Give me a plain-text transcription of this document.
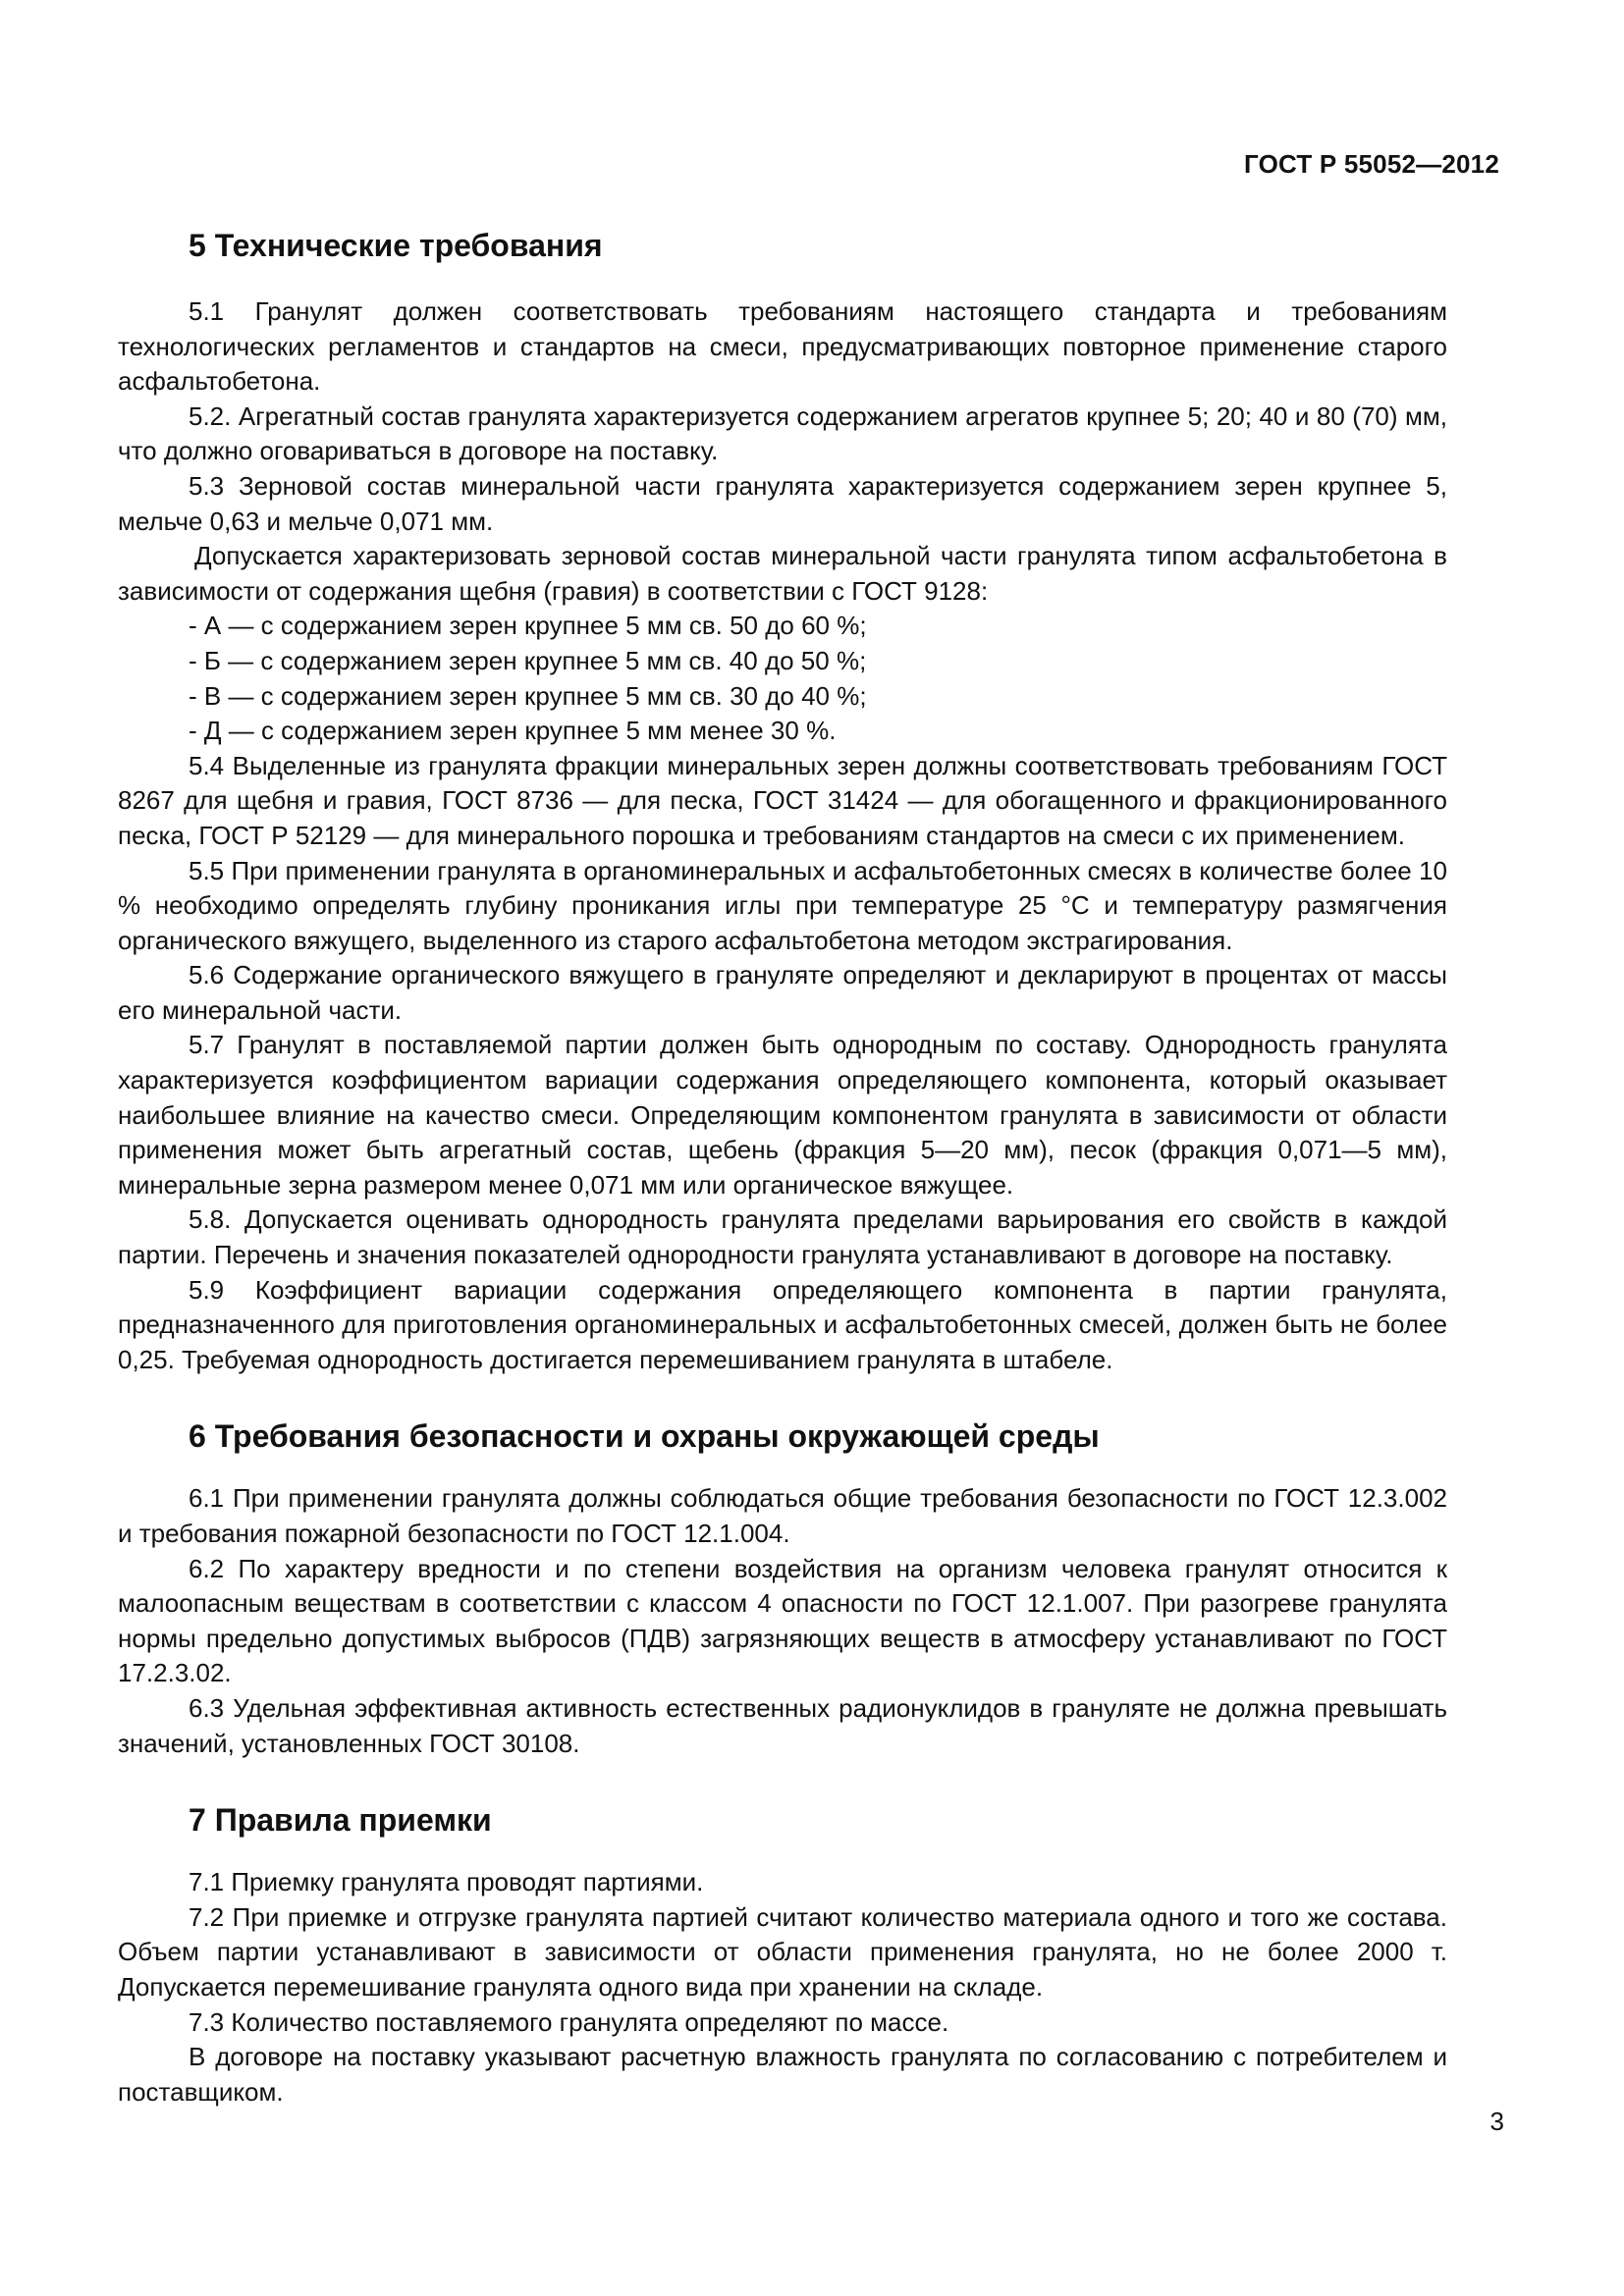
ГОСТ Р 55052—2012
5 Технические требования

5.1 Гранулят должен соответствовать требованиям настоящего стандарта и требованиям технологических регламентов и стандартов на смеси, предусматривающих повторное применение старого асфальтобетона.

5.2. Агрегатный состав гранулята характеризуется содержанием агрегатов крупнее 5; 20; 40 и 80 (70) мм, что должно оговариваться в договоре на поставку.

5.3 Зерновой состав минеральной части гранулята характеризуется содержанием зерен крупнее 5, мельче 0,63 и мельче 0,071 мм.

Допускается характеризовать зерновой состав минеральной части гранулята типом асфальтобетона в зависимости от содержания щебня (гравия) в соответствии с ГОСТ 9128:

- А — с содержанием зерен крупнее 5 мм св. 50 до 60 %;
- Б — с содержанием зерен крупнее 5 мм св. 40 до 50 %;
- В — с содержанием зерен крупнее 5 мм св. 30 до 40 %;
- Д — с содержанием зерен крупнее 5 мм менее 30 %.

5.4 Выделенные из гранулята фракции минеральных зерен должны соответствовать требованиям ГОСТ 8267 для щебня и гравия, ГОСТ 8736 — для песка, ГОСТ 31424 — для обогащенного и фракционированного песка, ГОСТ Р 52129 — для минерального порошка и требованиям стандартов на смеси с их применением.

5.5 При применении гранулята в органоминеральных и асфальтобетонных смесях в количестве более 10 % необходимо определять глубину проникания иглы при температуре 25 °С и температуру размягчения органического вяжущего, выделенного из старого асфальтобетона методом экстрагирования.

5.6 Содержание органического вяжущего в грануляте определяют и декларируют в процентах от массы его минеральной части.

5.7 Гранулят в поставляемой партии должен быть однородным по составу. Однородность гранулята характеризуется коэффициентом вариации содержания определяющего компонента, который оказывает наибольшее влияние на качество смеси. Определяющим компонентом гранулята в зависимости от области применения может быть агрегатный состав, щебень (фракция 5—20 мм), песок (фракция 0,071—5 мм), минеральные зерна размером менее 0,071 мм или органическое вяжущее.

5.8. Допускается оценивать однородность гранулята пределами варьирования его свойств в каждой партии. Перечень и значения показателей однородности гранулята устанавливают в договоре на поставку.

5.9 Коэффициент вариации содержания определяющего компонента в партии гранулята, предназначенного для приготовления органоминеральных и асфальтобетонных смесей, должен быть не более 0,25. Требуемая однородность достигается перемешиванием гранулята в штабеле.

6 Требования безопасности и охраны окружающей среды

6.1 При применении гранулята должны соблюдаться общие требования безопасности по ГОСТ 12.3.002 и требования пожарной безопасности по ГОСТ 12.1.004.

6.2 По характеру вредности и по степени воздействия на организм человека гранулят относится к малоопасным веществам в соответствии с классом 4 опасности по ГОСТ 12.1.007. При разогреве гранулята нормы предельно допустимых выбросов (ПДВ) загрязняющих веществ в атмосферу устанавливают по ГОСТ 17.2.3.02.

6.3 Удельная эффективная активность естественных радионуклидов в грануляте не должна превышать значений, установленных ГОСТ 30108.

7 Правила приемки

7.1 Приемку гранулята проводят партиями.

7.2 При приемке и отгрузке гранулята партией считают количество материала одного и того же состава. Объем партии устанавливают в зависимости от области применения гранулята, но не более 2000 т. Допускается перемешивание гранулята одного вида при хранении на складе.

7.3 Количество поставляемого гранулята определяют по массе.

В договоре на поставку указывают расчетную влажность гранулята по согласованию с потребителем и поставщиком.

3
